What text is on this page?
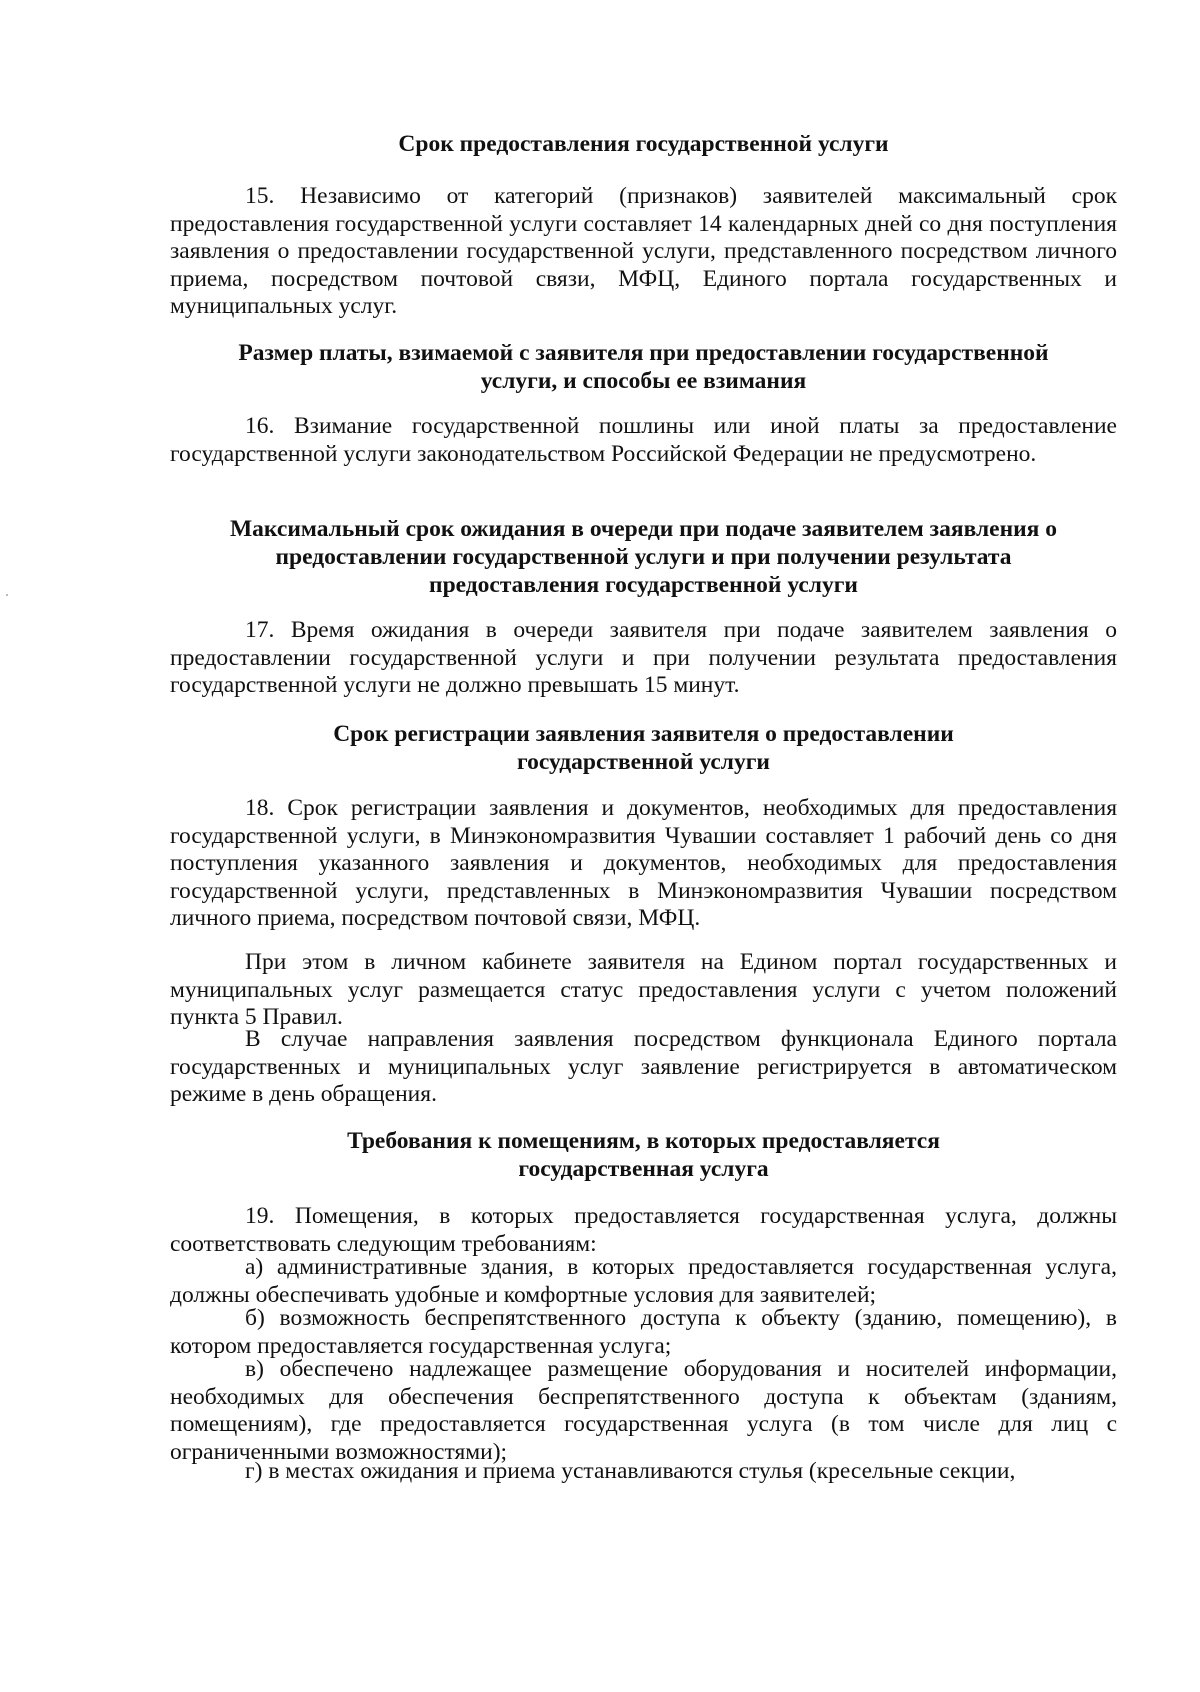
Срок предоставления государственной услуги

15. Независимо от категорий (признаков) заявителей максимальный срок предоставления государственной услуги составляет 14 календарных дней со дня поступления заявления о предоставлении государственной услуги, представленного посредством личного приема, посредством почтовой связи, МФЦ, Единого портала государственных и муниципальных услуг.

Размер платы, взимаемой с заявителя при предоставлении государственной
услуги, и способы ее взимания

16. Взимание государственной пошлины или иной платы за предоставление государственной услуги законодательством Российской Федерации не предусмотрено.

Максимальный срок ожидания в очереди при подаче заявителем заявления о
предоставлении государственной услуги и при получении результата
предоставления государственной услуги

17. Время ожидания в очереди заявителя при подаче заявителем заявления о предоставлении государственной услуги и при получении результата предоставления государственной услуги не должно превышать 15 минут.

Срок регистрации заявления заявителя о предоставлении
государственной услуги

18. Срок регистрации заявления и документов, необходимых для предоставления государственной услуги, в Минэкономразвития Чувашии составляет 1 рабочий день со дня поступления указанного заявления и документов, необходимых для предоставления государственной услуги, представленных в Минэкономразвития Чувашии посредством личного приема, посредством почтовой связи, МФЦ.

При этом в личном кабинете заявителя на Едином портал государственных и муниципальных услуг размещается статус предоставления услуги с учетом положений пункта 5 Правил.

В случае направления заявления посредством функционала Единого портала государственных и муниципальных услуг заявление регистрируется в автоматическом режиме в день обращения.

Требования к помещениям, в которых предоставляется
государственная услуга

19. Помещения, в которых предоставляется государственная услуга, должны соответствовать следующим требованиям:

а) административные здания, в которых предоставляется государственная услуга, должны обеспечивать удобные и комфортные условия для заявителей;

б) возможность беспрепятственного доступа к объекту (зданию, помещению), в котором предоставляется государственная услуга;

в) обеспечено надлежащее размещение оборудования и носителей информации, необходимых для обеспечения беспрепятственного доступа к объектам (зданиям, помещениям), где предоставляется государственная услуга (в том числе для лиц с ограниченными возможностями);

г) в местах ожидания и приема устанавливаются стулья (кресельные секции,
